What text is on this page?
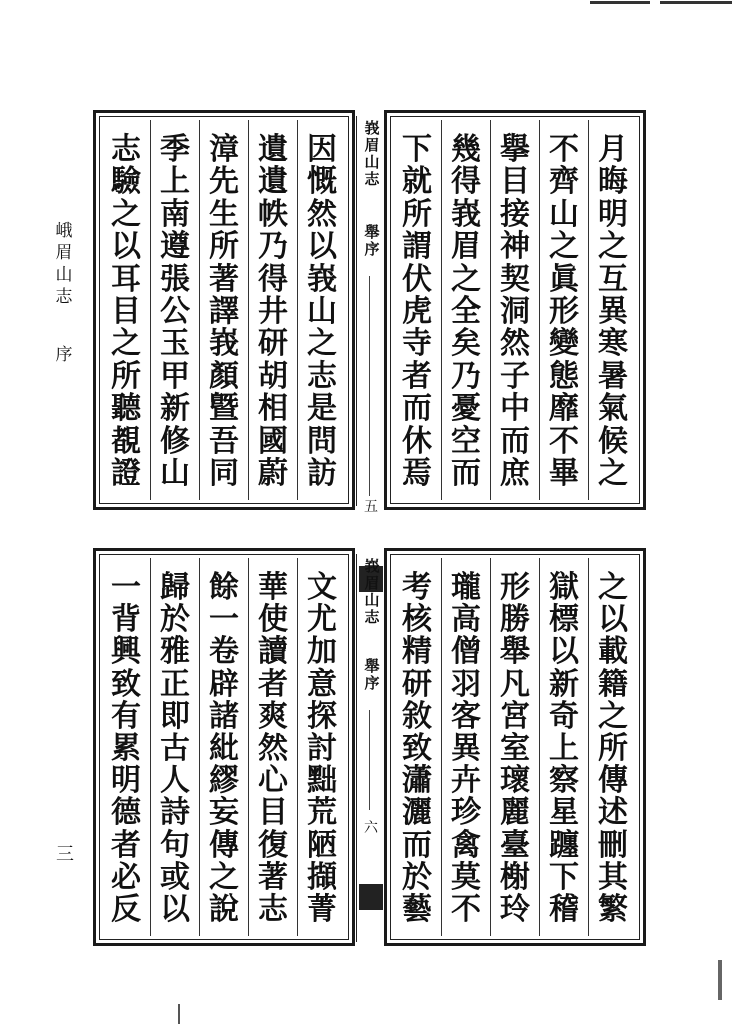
峨
眉
山
志
序
三
因
慨
然
以
峩
山
之
志
是
問
訪
遺
遺
帙
乃
得
井
研
胡
相
國
蔚
漳
先
生
所
著
譯
峩
顏
曁
吾
同
季
上
南
遵
張
公
玉
甲
新
修
山
志
驗
之
以
耳
目
之
所
聽
覩
證
峩
眉
山
志
舉
序
五
月
晦
明
之
互
異
寒
暑
氣
候
之
不
齊
山
之
眞
形
變
態
靡
不
畢
擧
目
接
神
契
洞
然
子
中
而
庶
幾
得
峩
眉
之
全
矣
乃
憂
空
而
下
就
所
謂
伏
虎
寺
者
而
休
焉
文
尤
加
意
探
討
黜
荒
陋
擷
菁
華
使
讀
者
爽
然
心
目
復
著
志
餘
一
卷
辟
諸
紕
繆
妄
傳
之
說
歸
於
雅
正
即
古
人
詩
句
或
以
一
背
興
致
有
累
明
德
者
必
反
峩
眉
山
志
舉
序
六
之
以
載
籍
之
所
傳
述
刪
其
繁
獄
標
以
新
奇
上
察
星
躔
下
稽
形
勝
舉
凡
宮
室
瓌
麗
臺
榭
玲
瓏
高
僧
羽
客
異
卉
珍
禽
莫
不
考
核
精
研
敘
致
瀟
灑
而
於
藝
